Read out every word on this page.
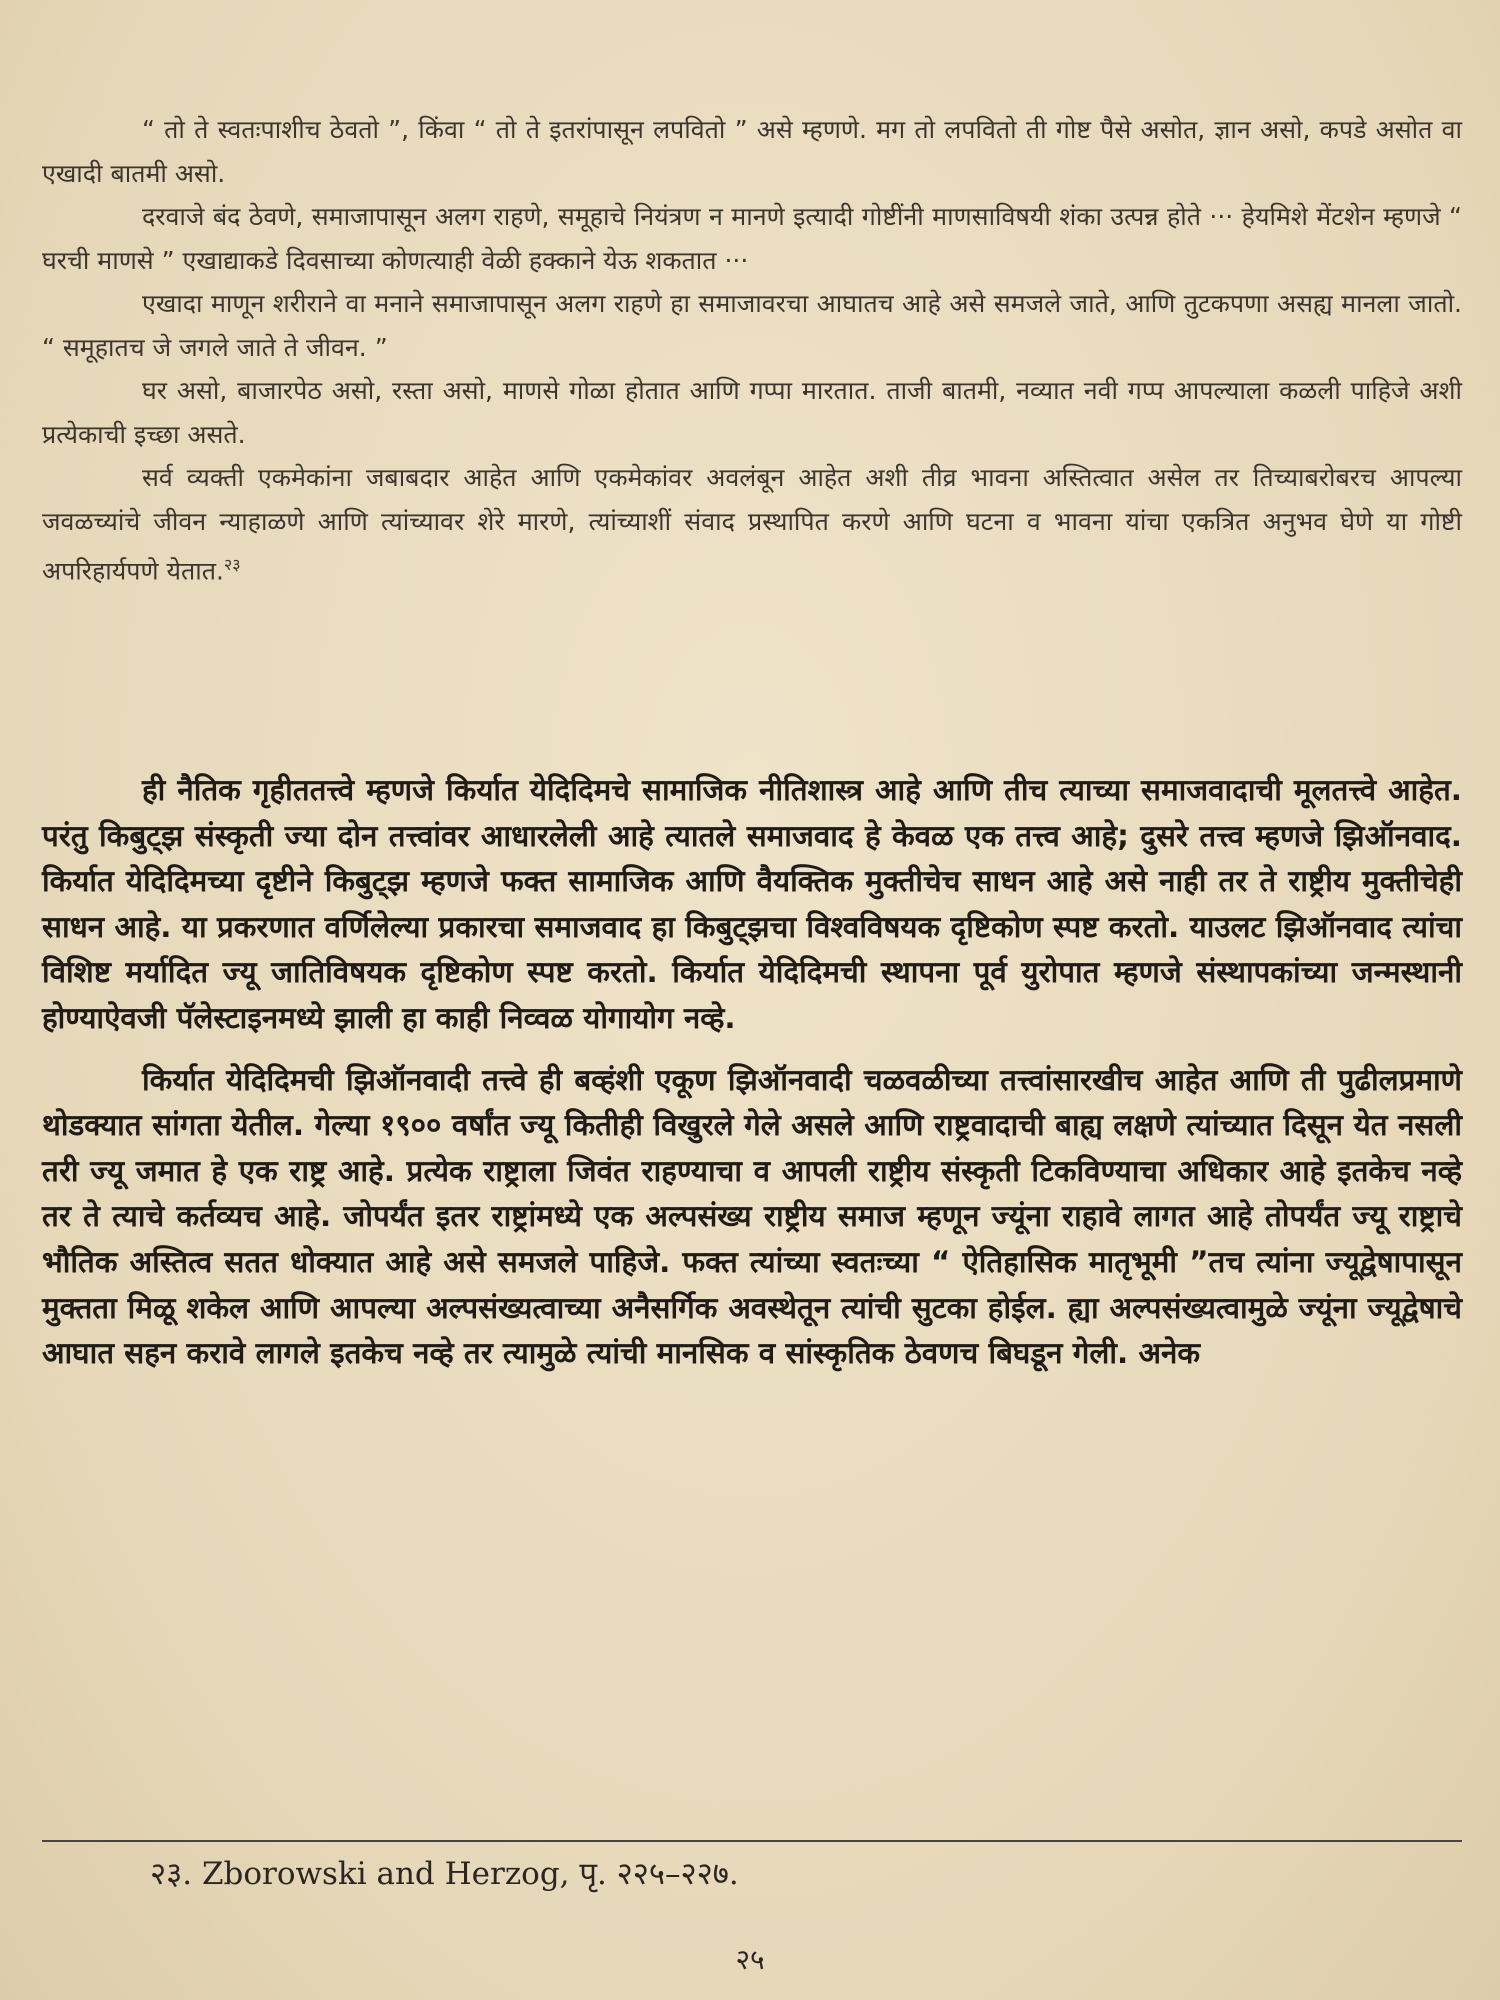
“ तो ते स्वतःपाशीच ठेवतो ”, किंवा “ तो ते इतरांपासून लपवितो ” असे म्हणणे. मग तो लपवितो ती गोष्ट पैसे असोत, ज्ञान असो, कपडे असोत वा एखादी बातमी असो.

दरवाजे बंद ठेवणे, समाजापासून अलग राहणे, समूहाचे नियंत्रण न मानणे इत्यादी गोष्टींनी माणसाविषयी शंका उत्पन्न होते ··· हेयमिशे मेंटशेन म्हणजे “ घरची माणसे ” एखाद्याकडे दिवसाच्या कोणत्याही वेळी हक्काने येऊ शकतात ···

एखादा माणून शरीराने वा मनाने समाजापासून अलग राहणे हा समाजावरचा आघातच आहे असे समजले जाते, आणि तुटकपणा असह्य मानला जातो. “ समूहातच जे जगले जाते ते जीवन. ”

घर असो, बाजारपेठ असो, रस्ता असो, माणसे गोळा होतात आणि गप्पा मारतात. ताजी बातमी, नव्यात नवी गप्प आपल्याला कळली पाहिजे अशी प्रत्येकाची इच्छा असते.

सर्व व्यक्ती एकमेकांना जबाबदार आहेत आणि एकमेकांवर अवलंबून आहेत अशी तीव्र भावना अस्तित्वात असेल तर तिच्याबरोबरच आपल्या जवळच्यांचे जीवन न्याहाळणे आणि त्यांच्यावर शेरे मारणे, त्यांच्याशीं संवाद प्रस्थापित करणे आणि घटना व भावना यांचा एकत्रित अनुभव घेणे या गोष्टी अपरिहार्यपणे येतात.$^{२३}$

ही नैतिक गृहीततत्त्वे म्हणजे किर्यात येदिदिमचे सामाजिक नीतिशास्त्र आहे आणि तीच त्याच्या समाजवादाची मूलतत्त्वे आहेत. परंतु किबुट्झ संस्कृती ज्या दोन तत्त्वांवर आधारलेली आहे त्यातले समाजवाद हे केवळ एक तत्त्व आहे; दुसरे तत्त्व म्हणजे झिऑनवाद. किर्यात येदिदिमच्या दृष्टीने किबुट्झ म्हणजे फक्त सामाजिक आणि वैयक्तिक मुक्तीचेच साधन आहे असे नाही तर ते राष्ट्रीय मुक्तीचेही साधन आहे. या प्रकरणात वर्णिलेल्या प्रकारचा समाजवाद हा किबुट्झचा विश्वविषयक दृष्टिकोण स्पष्ट करतो. याउलट झिऑनवाद त्यांचा विशिष्ट मर्यादित ज्यू जातिविषयक दृष्टिकोण स्पष्ट करतो. किर्यात येदिदिमची स्थापना पूर्व युरोपात म्हणजे संस्थापकांच्या जन्मस्थानी होण्याऐवजी पॅलेस्टाइनमध्ये झाली हा काही निव्वळ योगायोग नव्हे.

किर्यात येदिदिमची झिऑनवादी तत्त्वे ही बव्हंशी एकूण झिऑनवादी चळवळीच्या तत्त्वांसारखीच आहेत आणि ती पुढीलप्रमाणे थोडक्यात सांगता येतील. गेल्या १९०० वर्षांत ज्यू कितीही विखुरले गेले असले आणि राष्ट्रवादाची बाह्य लक्षणे त्यांच्यात दिसून येत नसली तरी ज्यू जमात हे एक राष्ट्र आहे. प्रत्येक राष्ट्राला जिवंत राहण्याचा व आपली राष्ट्रीय संस्कृती टिकविण्याचा अधिकार आहे इतकेच नव्हे तर ते त्याचे कर्तव्यच आहे. जोपर्यंत इतर राष्ट्रांमध्ये एक अल्पसंख्य राष्ट्रीय समाज म्हणून ज्यूंना राहावे लागत आहे तोपर्यंत ज्यू राष्ट्राचे भौतिक अस्तित्व सतत धोक्यात आहे असे समजले पाहिजे. फक्त त्यांच्या स्वतःच्या “ ऐतिहासिक मातृभूमी ”तच त्यांना ज्यूद्वेषापासून मुक्तता मिळू शकेल आणि आपल्या अल्पसंख्यत्वाच्या अनैसर्गिक अवस्थेतून त्यांची सुटका होईल. ह्या अल्पसंख्यत्वामुळे ज्यूंना ज्यूद्वेषाचे आघात सहन करावे लागले इतकेच नव्हे तर त्यामुळे त्यांची मानसिक व सांस्कृतिक ठेवणच बिघडून गेली. अनेक

२३. Zborowski and Herzog, पृ. २२५–२२७.
२५
